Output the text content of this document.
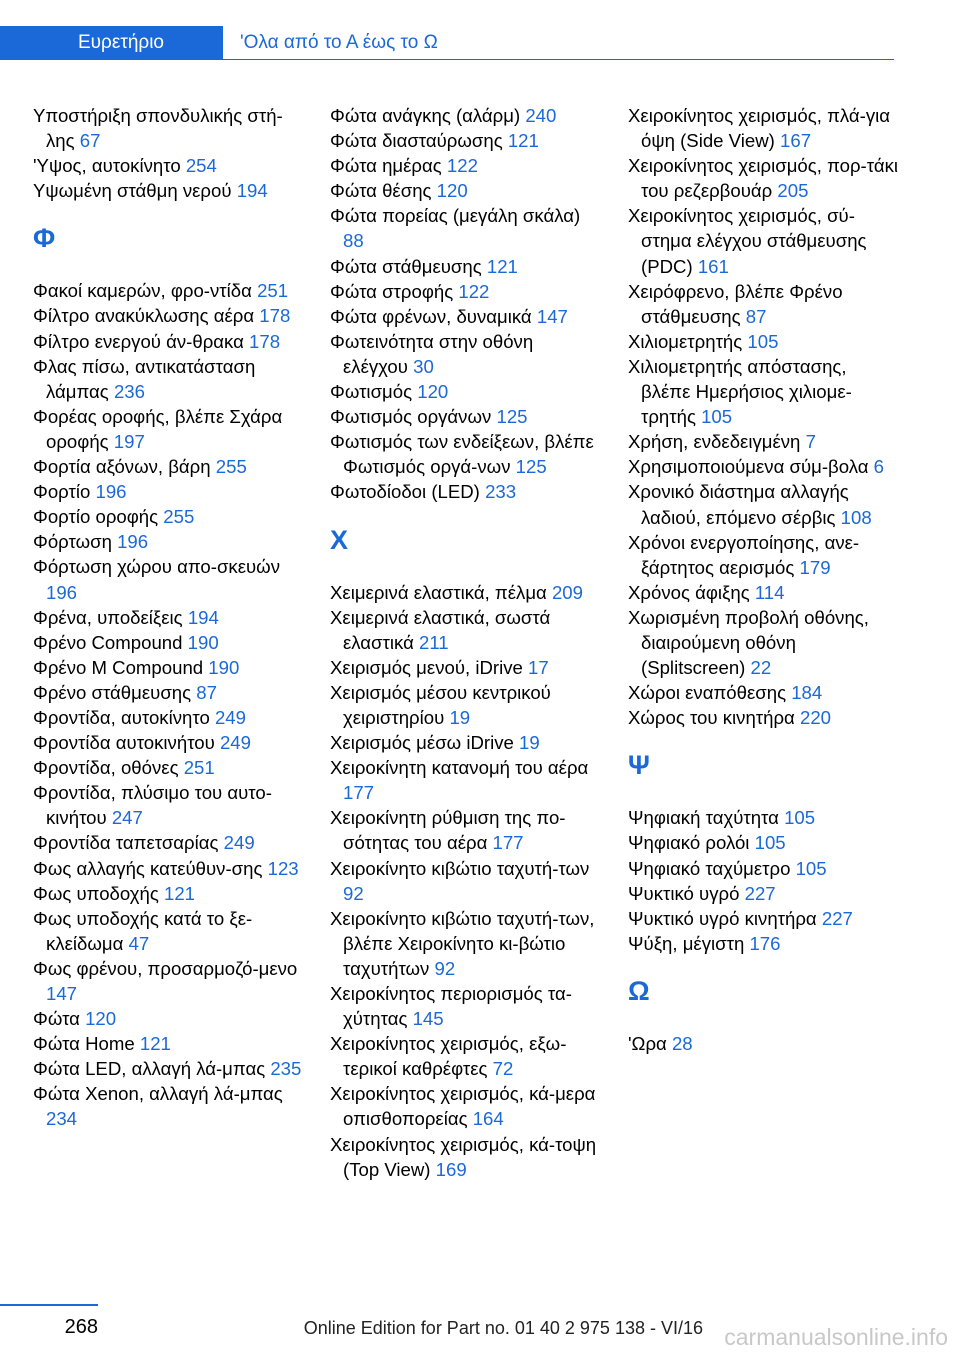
Ευρετήριο	'Ολα από το Α έως το Ω
Υποστήριξη σπονδυλικής στή-λης 67
'Υψος, αυτοκίνητο 254
Υψωμένη στάθμη νερού 194
Φ
Φακοί καμερών, φρο-ντίδα 251
Φίλτρο ανακύκλωσης αέρα 178
Φίλτρο ενεργού άν-θρακα 178
Φλας πίσω, αντικατάσταση λάμπας 236
Φορέας οροφής, βλέπε Σχάρα οροφής 197
Φορτία αξόνων, βάρη 255
Φορτίο 196
Φορτίο οροφής 255
Φόρτωση 196
Φόρτωση χώρου απο-σκευών 196
Φρένα, υποδείξεις 194
Φρένο Compound 190
Φρένο M Compound 190
Φρένο στάθμευσης 87
Φροντίδα, αυτοκίνητο 249
Φροντίδα αυτοκινήτου 249
Φροντίδα, οθόνες 251
Φροντίδα, πλύσιμο του αυτο-κινήτου 247
Φροντίδα ταπετσαρίας 249
Φως αλλαγής κατεύθυν-σης 123
Φως υποδοχής 121
Φως υποδοχής κατά το ξε-κλείδωμα 47
Φως φρένου, προσαρμοζό-μενο 147
Φώτα 120
Φώτα Home 121
Φώτα LED, αλλαγή λά-μπας 235
Φώτα Xenon, αλλαγή λά-μπας 234
Φώτα ανάγκης (αλάρμ) 240
Φώτα διασταύρωσης 121
Φώτα ημέρας 122
Φώτα θέσης 120
Φώτα πορείας (μεγάλη σκάλα) 88
Φώτα στάθμευσης 121
Φώτα στροφής 122
Φώτα φρένων, δυναμικά 147
Φωτεινότητα στην οθόνη ελέγχου 30
Φωτισμός 120
Φωτισμός οργάνων 125
Φωτισμός των ενδείξεων, βλέπε Φωτισμός οργά-νων 125
Φωτοδίοδοι (LED) 233
Χ
Χειμερινά ελαστικά, πέλμα 209
Χειμερινά ελαστικά, σωστά ελαστικά 211
Χειρισμός μενού, iDrive 17
Χειρισμός μέσου κεντρικού χειριστηρίου 19
Χειρισμός μέσω iDrive 19
Χειροκίνητη κατανομή του αέρα 177
Χειροκίνητη ρύθμιση της πο-σότητας του αέρα 177
Χειροκίνητο κιβώτιο ταχυτή-των 92
Χειροκίνητο κιβώτιο ταχυτή-των, βλέπε Χειροκίνητο κι-βώτιο ταχυτήτων 92
Χειροκίνητος περιορισμός τα-χύτητας 145
Χειροκίνητος χειρισμός, εξω-τερικοί καθρέφτες 72
Χειροκίνητος χειρισμός, κά-μερα οπισθοπορείας 164
Χειροκίνητος χειρισμός, κά-τοψη (Top View) 169
Χειροκίνητος χειρισμός, πλά-για όψη (Side View) 167
Χειροκίνητος χειρισμός, πορ-τάκι του ρεζερβουάρ 205
Χειροκίνητος χειρισμός, σύ-στημα ελέγχου στάθμευσης (PDC) 161
Χειρόφρενο, βλέπε Φρένο στάθμευσης 87
Χιλιομετρητής 105
Χιλιομετρητής απόστασης, βλέπε Ημερήσιος χιλιομε-τρητής 105
Χρήση, ενδεδειγμένη 7
Χρησιμοποιούμενα σύμ-βολα 6
Χρονικό διάστημα αλλαγής λαδιού, επόμενο σέρβις 108
Χρόνοι ενεργοποίησης, ανε-ξάρτητος αερισμός 179
Χρόνος άφιξης 114
Χωρισμένη προβολή οθόνης, διαιρούμενη οθόνη (Splitscreen) 22
Χώροι εναπόθεσης 184
Χώρος του κινητήρα 220
Ψ
Ψηφιακή ταχύτητα 105
Ψηφιακό ρολόι 105
Ψηφιακό ταχύμετρο 105
Ψυκτικό υγρό 227
Ψυκτικό υγρό κινητήρα 227
Ψύξη, μέγιστη 176
Ω
'Ωρα 28
268	Online Edition for Part no. 01 40 2 975 138 - VI/16 carmanualsonline.info
